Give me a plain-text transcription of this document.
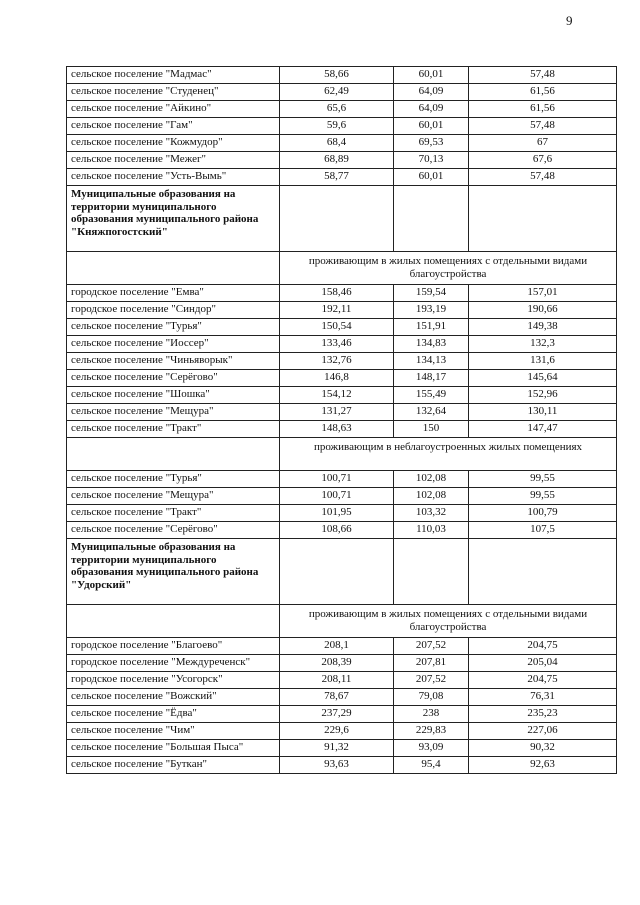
9
сельское поселение "Мадмас"	58,66	60,01	57,48
сельское поселение "Студенец"	62,49	64,09	61,56
сельское поселение "Айкино"	65,6	64,09	61,56
сельское поселение "Гам"	59,6	60,01	57,48
сельское поселение "Кожмудор"	68,4	69,53	67
сельское поселение "Межег"	68,89	70,13	67,6
сельское поселение "Усть-Вымь"	58,77	60,01	57,48
Муниципальные образования на территории муниципального образования муниципального района "Княжпогостский"			
	проживающим в жилых помещениях с отдельными видами благоустройства		
городское поселение "Емва"	158,46	159,54	157,01
городское поселение "Синдор"	192,11	193,19	190,66
сельское поселение "Турья"	150,54	151,91	149,38
сельское поселение "Иоссер"	133,46	134,83	132,3
сельское поселение "Чиньяворык"	132,76	134,13	131,6
сельское поселение "Серёгово"	146,8	148,17	145,64
сельское поселение "Шошка"	154,12	155,49	152,96
сельское поселение "Мещура"	131,27	132,64	130,11
сельское поселение "Тракт"	148,63	150	147,47
	проживающим в неблагоустроенных жилых помещениях		
сельское поселение "Турья"	100,71	102,08	99,55
сельское поселение "Мещура"	100,71	102,08	99,55
сельское поселение "Тракт"	101,95	103,32	100,79
сельское поселение "Серёгово"	108,66	110,03	107,5
Муниципальные образования на территории муниципального образования муниципального района "Удорский"			
	проживающим в жилых помещениях с отдельными видами благоустройства		
городское поселение "Благоево"	208,1	207,52	204,75
городское поселение "Междуреченск"	208,39	207,81	205,04
городское поселение "Усогорск"	208,11	207,52	204,75
сельское поселение "Вожский"	78,67	79,08	76,31
сельское поселение "Ёдва"	237,29	238	235,23
сельское поселение "Чим"	229,6	229,83	227,06
сельское поселение "Большая Пыса"	91,32	93,09	90,32
сельское поселение "Буткан"	93,63	95,4	92,63
